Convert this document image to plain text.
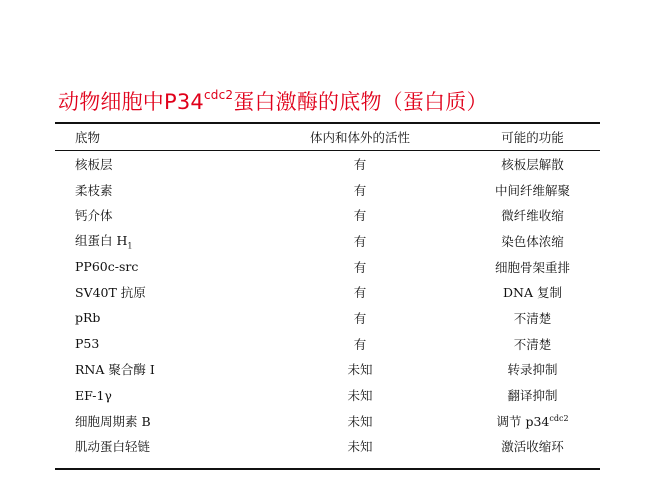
动物细胞中$P34^{cdc2}$蛋白激酶的底物（蛋白质）
底物	体内和体外的活性	可能的功能
核板层	有	核板层解散
柔枝素	有	中间纤维解聚
钙介体	有	微纤维收缩
组蛋白 $H_1$	有	染色体浓缩
PP60c-src	有	细胞骨架重排
SV40T 抗原	有	DNA 复制
pRb	有	不清楚
P53	有	不清楚
RNA 聚合酶 I	未知	转录抑制
EF-1γ	未知	翻译抑制
细胞周期素 B	未知	调节 $p34^{cdc2}$
肌动蛋白轻链	未知	激活收缩环
